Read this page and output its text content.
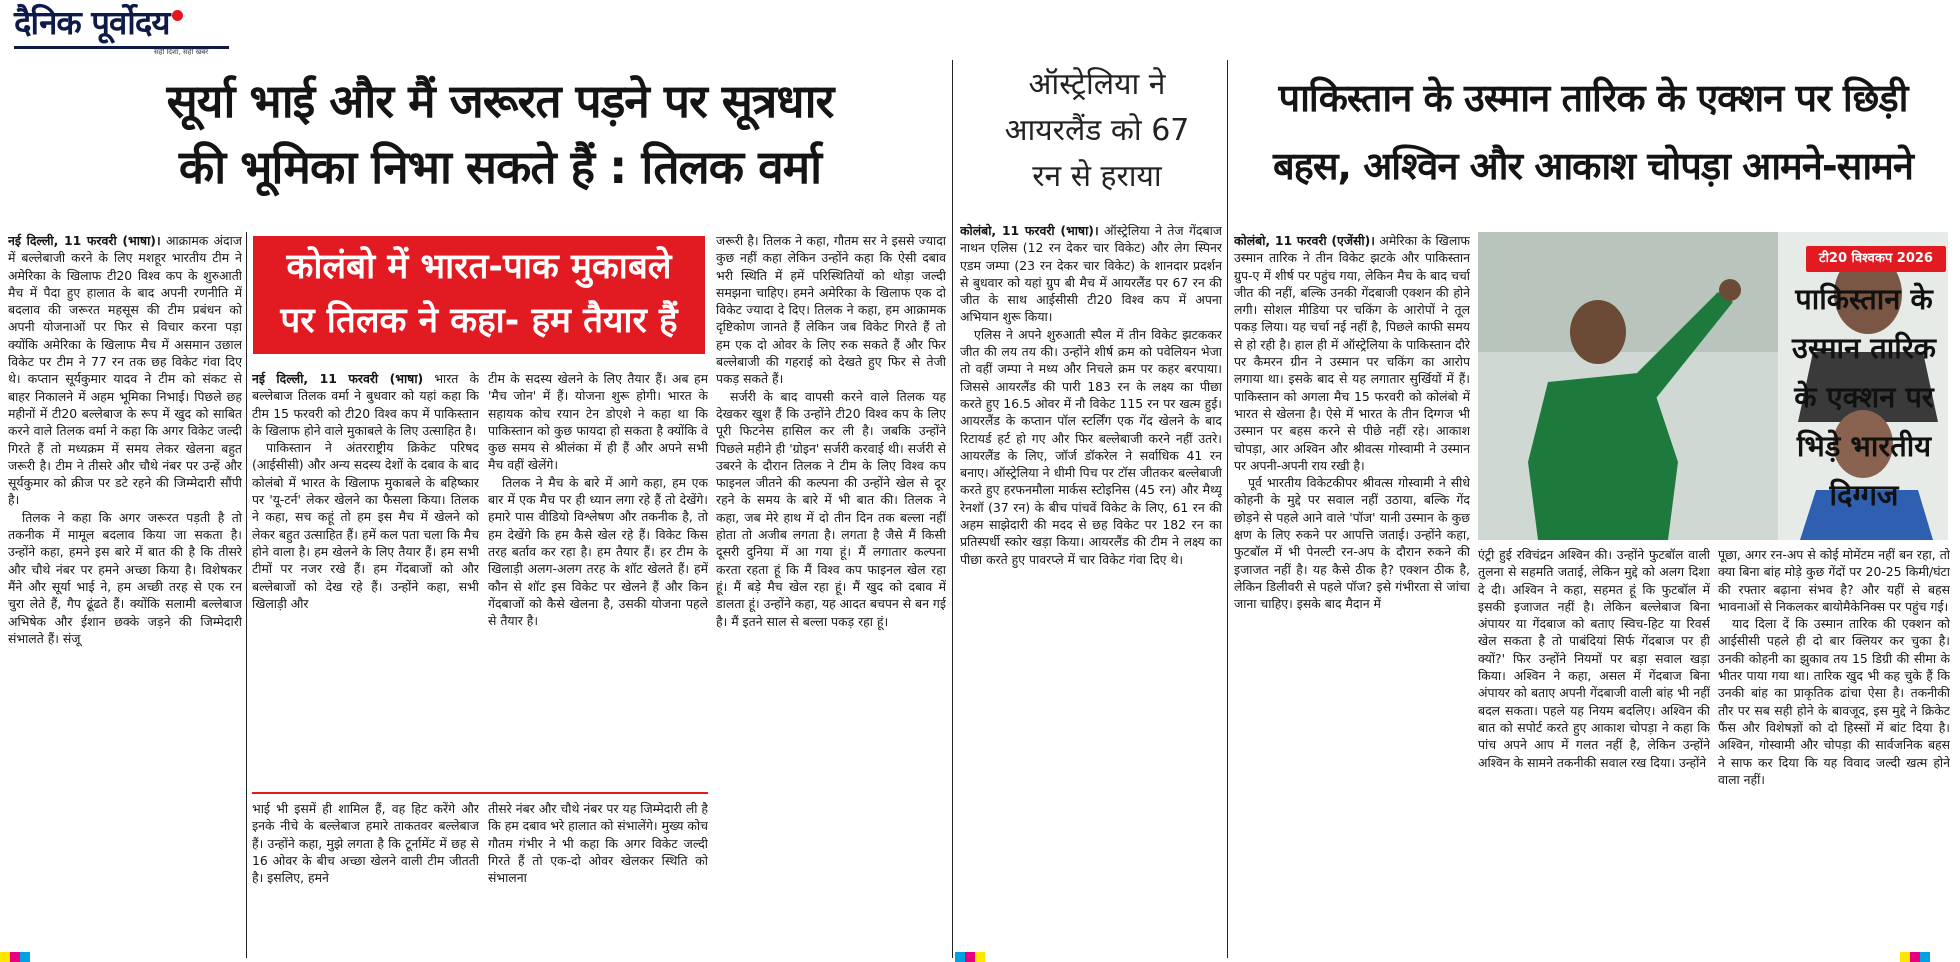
दैनिक पूर्वोदय
सही दिशा, सही खबर
सूर्या भाई और मैं जरूरत पड़ने पर सूत्रधार
की भूमिका निभा सकते हैं : तिलक वर्मा
ऑस्ट्रेलिया ने
आयरलैंड को 67
रन से हराया
पाकिस्तान के उस्मान तारिक के एक्शन पर छिड़ी
बहस, अश्विन और आकाश चोपड़ा आमने-सामने

नई दिल्ली, 11 फरवरी (भाषा)। आक्रामक अंदाज में बल्लेबाजी करने के लिए मशहूर भारतीय टीम ने अमेरिका के खिलाफ टी20 विश्व कप के शुरुआती मैच में पैदा हुए हालात के बाद अपनी रणनीति में बदलाव की जरूरत महसूस की टीम प्रबंधन को अपनी योजनाओं पर फिर से विचार करना पड़ा क्योंकि अमेरिका के खिलाफ मैच में असमान उछाल विकेट पर टीम ने 77 रन तक छह विकेट गंवा दिए थे। कप्तान सूर्यकुमार यादव ने टीम को संकट से बाहर निकालने में अहम भूमिका निभाई। पिछले छह महीनों में टी20 बल्लेबाज के रूप में खुद को साबित करने वाले तिलक वर्मा ने कहा कि अगर विकेट जल्दी गिरते हैं तो मध्यक्रम में समय लेकर खेलना बहुत जरूरी है। टीम ने तीसरे और चौथे नंबर पर उन्हें और सूर्यकुमार को क्रीज पर डटे रहने की जिम्मेदारी सौंपी है।

तिलक ने कहा कि अगर जरूरत पड़ती है तो तकनीक में मामूल बदलाव किया जा सकता है। उन्होंने कहा, हमने इस बारे में बात की है कि तीसरे और चौथे नंबर पर हमने अच्छा किया है। विशेषकर मैंने और सूर्या भाई ने, हम अच्छी तरह से एक रन चुरा लेते हैं, गैप ढूंढते हैं। क्योंकि सलामी बल्लेबाज अभिषेक और ईशान छक्के जड़ने की जिम्मेदारी संभालते हैं। संजू

कोलंबो में भारत-पाक मुकाबले
पर तिलक ने कहा- हम तैयार हैं

नई दिल्ली, 11 फरवरी (भाषा) भारत के बल्लेबाज तिलक वर्मा ने बुधवार को यहां कहा कि टीम 15 फरवरी को टी20 विश्व कप में पाकिस्तान के खिलाफ होने वाले मुकाबले के लिए उत्साहित है।

पाकिस्तान ने अंतरराष्ट्रीय क्रिकेट परिषद (आईसीसी) और अन्य सदस्य देशों के दबाव के बाद कोलंबो में भारत के खिलाफ मुकाबले के बहिष्कार पर 'यू-टर्न' लेकर खेलने का फैसला किया। तिलक ने कहा, सच कहूं तो हम इस मैच में खेलने को लेकर बहुत उत्साहित हैं। हमें कल पता चला कि मैच होने वाला है। हम खेलने के लिए तैयार हैं। हम सभी टीमों पर नजर रखे हैं। हम गेंदबाजों को और बल्लेबाजों को देख रहे हैं। उन्होंने कहा, सभी खिलाड़ी और

टीम के सदस्य खेलने के लिए तैयार हैं। अब हम 'मैच जोन' में हैं। योजना शुरू होगी। भारत के सहायक कोच रयान टेन डोएशे ने कहा था कि पाकिस्तान को कुछ फायदा हो सकता है क्योंकि वे कुछ समय से श्रीलंका में ही हैं और अपने सभी मैच वहीं खेलेंगे।

तिलक ने मैच के बारे में आगे कहा, हम एक बार में एक मैच पर ही ध्यान लगा रहे हैं तो देखेंगे। हमारे पास वीडियो विश्लेषण और तकनीक है, तो हम देखेंगे कि हम कैसे खेल रहे हैं। विकेट किस तरह बर्ताव कर रहा है। हम तैयार हैं। हर टीम के खिलाड़ी अलग-अलग तरह के शॉट खेलते हैं। हमें कौन से शॉट इस विकेट पर खेलने हैं और किन गेंदबाजों को कैसे खेलना है, उसकी योजना पहले से तैयार है।

भाई भी इसमें ही शामिल हैं, वह हिट करेंगे और इनके नीचे के बल्लेबाज हमारे ताकतवर बल्लेबाज हैं। उन्होंने कहा, मुझे लगता है कि टूर्नामेंट में छह से 16 ओवर के बीच अच्छा खेलने वाली टीम जीतती है। इसलिए, हमने

तीसरे नंबर और चौथे नंबर पर यह जिम्मेदारी ली है कि हम दबाव भरे हालात को संभालेंगे। मुख्य कोच गौतम गंभीर ने भी कहा कि अगर विकेट जल्दी गिरते हैं तो एक-दो ओवर खेलकर स्थिति को संभालना

जरूरी है। तिलक ने कहा, गौतम सर ने इससे ज्यादा कुछ नहीं कहा लेकिन उन्होंने कहा कि ऐसी दबाव भरी स्थिति में हमें परिस्थितियों को थोड़ा जल्दी समझना चाहिए। हमने अमेरिका के खिलाफ एक दो विकेट ज्यादा दे दिए। तिलक ने कहा, हम आक्रामक दृष्टिकोण जानते हैं लेकिन जब विकेट गिरते हैं तो हम एक दो ओवर के लिए रुक सकते हैं और फिर बल्लेबाजी की गहराई को देखते हुए फिर से तेजी पकड़ सकते हैं।

सर्जरी के बाद वापसी करने वाले तिलक यह देखकर खुश हैं कि उन्होंने टी20 विश्व कप के लिए पूरी फिटनेस हासिल कर ली है। जबकि उन्होंने पिछले महीने ही 'ग्रोइन' सर्जरी करवाई थी। सर्जरी से उबरने के दौरान तिलक ने टीम के लिए विश्व कप फाइनल जीतने की कल्पना की उन्होंने खेल से दूर रहने के समय के बारे में भी बात की। तिलक ने कहा, जब मेरे हाथ में दो तीन दिन तक बल्ला नहीं होता तो अजीब लगता है। लगता है जैसे मैं किसी दूसरी दुनिया में आ गया हूं। मैं लगातार कल्पना करता रहता हूं कि मैं विश्व कप फाइनल खेल रहा हूं। मैं बड़े मैच खेल रहा हूं। मैं खुद को दबाव में डालता हूं। उन्होंने कहा, यह आदत बचपन से बन गई है। मैं इतने साल से बल्ला पकड़ रहा हूं।

कोलंबो, 11 फरवरी (भाषा)। ऑस्ट्रेलिया ने तेज गेंदबाज नाथन एलिस (12 रन देकर चार विकेट) और लेग स्पिनर एडम जम्पा (23 रन देकर चार विकेट) के शानदार प्रदर्शन से बुधवार को यहां ग्रुप बी मैच में आयरलैंड पर 67 रन की जीत के साथ आईसीसी टी20 विश्व कप में अपना अभियान शुरू किया।

एलिस ने अपने शुरुआती स्पैल में तीन विकेट झटककर जीत की लय तय की। उन्होंने शीर्ष क्रम को पवेलियन भेजा तो वहीं जम्पा ने मध्य और निचले क्रम पर कहर बरपाया। जिससे आयरलैंड की पारी 183 रन के लक्ष्य का पीछा करते हुए 16.5 ओवर में नौ विकेट 115 रन पर खत्म हुई। आयरलैंड के कप्तान पॉल स्टर्लिंग एक गेंद खेलने के बाद रिटायर्ड हर्ट हो गए और फिर बल्लेबाजी करने नहीं उतरे। आयरलैंड के लिए, जॉर्ज डॉकरेल ने सर्वाधिक 41 रन बनाए। ऑस्ट्रेलिया ने धीमी पिच पर टॉस जीतकर बल्लेबाजी करते हुए हरफनमौला मार्कस स्टोइनिस (45 रन) और मैथ्यू रेनशॉ (37 रन) के बीच पांचवें विकेट के लिए, 61 रन की अहम साझेदारी की मदद से छह विकेट पर 182 रन का प्रतिस्पर्धी स्कोर खड़ा किया। आयरलैंड की टीम ने लक्ष्य का पीछा करते हुए पावरप्ले में चार विकेट गंवा दिए थे।

कोलंबो, 11 फरवरी (एजेंसी)। अमेरिका के खिलाफ उस्मान तारिक ने तीन विकेट झटके और पाकिस्तान ग्रुप-ए में शीर्ष पर पहुंच गया, लेकिन मैच के बाद चर्चा जीत की नहीं, बल्कि उनकी गेंदबाजी एक्शन की होने लगी। सोशल मीडिया पर चकिंग के आरोपों ने तूल पकड़ लिया। यह चर्चा नई नहीं है, पिछले काफी समय से हो रही है। हाल ही में ऑस्ट्रेलिया के पाकिस्तान दौरे पर कैमरन ग्रीन ने उस्मान पर चकिंग का आरोप लगाया था। इसके बाद से यह लगातार सुर्खियों में हैं। पाकिस्तान को अगला मैच 15 फरवरी को कोलंबो में भारत से खेलना है। ऐसे में भारत के तीन दिग्गज भी उस्मान पर बहस करने से पीछे नहीं रहे। आकाश चोपड़ा, आर अश्विन और श्रीवत्स गोस्वामी ने उस्मान पर अपनी-अपनी राय रखी है।

पूर्व भारतीय विकेटकीपर श्रीवत्स गोस्वामी ने सीधे कोहनी के मुद्दे पर सवाल नहीं उठाया, बल्कि गेंद छोड़ने से पहले आने वाले 'पॉज' यानी उस्मान के कुछ क्षण के लिए रुकने पर आपत्ति जताई। उन्होंने कहा, फुटबॉल में भी पेनल्टी रन-अप के दौरान रुकने की इजाजत नहीं है। यह कैसे ठीक है? एक्शन ठीक है, लेकिन डिलीवरी से पहले पॉज? इसे गंभीरता से जांचा जाना चाहिए। इसके बाद मैदान में

टी20 विश्वकप 2026
पाकिस्तान के उस्मान तारिक के एक्शन पर भिड़े भारतीय दिग्गज

एंट्री हुई रविचंद्रन अश्विन की। उन्होंने फुटबॉल वाली तुलना से सहमति जताई, लेकिन मुद्दे को अलग दिशा दे दी। अश्विन ने कहा, सहमत हूं कि फुटबॉल में इसकी इजाजत नहीं है। लेकिन बल्लेबाज बिना अंपायर या गेंदबाज को बताए स्विच-हिट या रिवर्स खेल सकता है तो पाबंदियां सिर्फ गेंदबाज पर ही क्यों?' फिर उन्होंने नियमों पर बड़ा सवाल खड़ा किया। अश्विन ने कहा, असल में गेंदबाज बिना अंपायर को बताए अपनी गेंदबाजी वाली बांह भी नहीं बदल सकता। पहले यह नियम बदलिए। अश्विन की बात को सपोर्ट करते हुए आकाश चोपड़ा ने कहा कि पांच अपने आप में गलत नहीं है, लेकिन उन्होंने अश्विन के सामने तकनीकी सवाल रख दिया। उन्होंने

पूछा, अगर रन-अप से कोई मोमेंटम नहीं बन रहा, तो क्या बिना बांह मोड़े कुछ गेंदों पर 20-25 किमी/घंटा की रफ्तार बढ़ाना संभव है? और यहीं से बहस भावनाओं से निकलकर बायोमैकेनिक्स पर पहुंच गई।

याद दिला दें कि उस्मान तारिक की एक्शन को आईसीसी पहले ही दो बार क्लियर कर चुका है। उनकी कोहनी का झुकाव तय 15 डिग्री की सीमा के भीतर पाया गया था। तारिक खुद भी कह चुके हैं कि उनकी बांह का प्राकृतिक ढांचा ऐसा है। तकनीकी तौर पर सब सही होने के बावजूद, इस मुद्दे ने क्रिकेट फैंस और विशेषज्ञों को दो हिस्सों में बांट दिया है। अश्विन, गोस्वामी और चोपड़ा की सार्वजनिक बहस ने साफ कर दिया कि यह विवाद जल्दी खत्म होने वाला नहीं।
